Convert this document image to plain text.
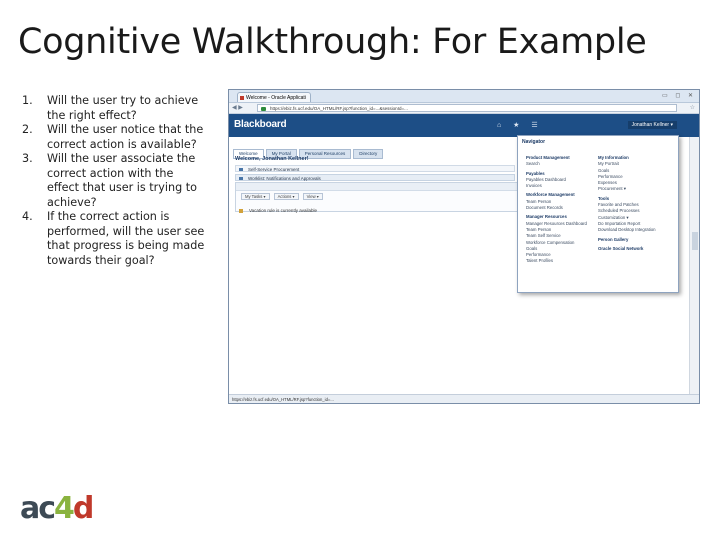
Cognitive Walkthrough: For Example
1. Will the user try to achieve the right effect?
2. Will the user notice that the correct action is available?
3. Will the user associate the correct action with the effect that user is trying to achieve?
4. If the correct action is performed, will the user see that progress is being made towards their goal?
Welcome - Oracle Applicati	▭ ◻ ✕
◀ ▶	https://ebiz.fs.ucf.edu/OA_HTML/RF.jsp?function_id=...&sessionId=...	☆
Blackboard	⌂ ★ ☰	Jonathan Kellner ▾
Welcome	My Portal	Personal Resources	Directory
Welcome, Jonathan Kellner!
Self-Service Procurement
Worklist: Notifications and Approvals
My Tasks ▾	Actions ▾	View ▾
Vacation rule is currently available
Navigator
Product Management
Search
Payables
Payables Dashboard
Invoices
Workforce Management
Team Person
Document Records
Manager Resources
Manager Resources Dashboard
Team Person
Team Self Service
Workforce Compensation
Goals
Performance
Talent Profiles
My Information
My Portrait
Goals
Performance
Expenses
Procurement ▾
Tools
Favorite and Patches
Scheduled Processes
Customization ▾
Do Importation Report
Download Desktop Integration
Person Gallery
Oracle Social Network
https://ebiz.fs.ucf.edu/OA_HTML/RF.jsp?function_id=...
ac4d
